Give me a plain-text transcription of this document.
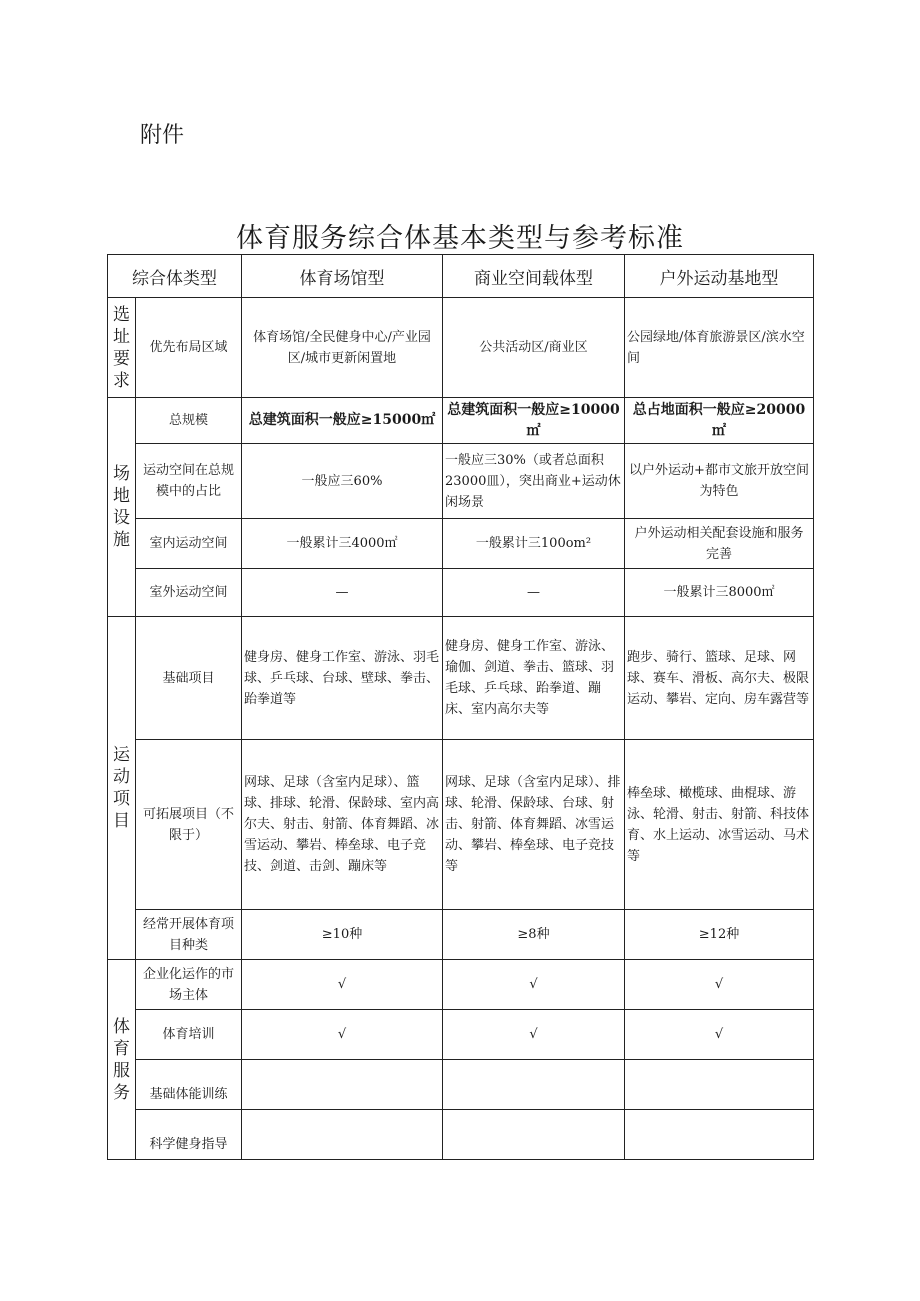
附件
体育服务综合体基本类型与参考标准
综合体类型		体育场馆型	商业空间载体型	户外运动基地型

选址要求	优先布局区域	体育场馆/全民健身中心/产业园区/城市更新闲置地	公共活动区/商业区	公园绿地/体育旅游景区/滨水空间

场地设施	总规模	总建筑面积一般应≥15000㎡	总建筑面积一般应≥10000㎡	总占地面积一般应≥20000㎡
	运动空间在总规模中的占比	一般应三60%	一般应三30%（或者总面积23000皿），突出商业+运动休闲场景	以户外运动+都市文旅开放空间为特色
	室内运动空间	一般累计三4000㎡	一般累计三100om²	户外运动相关配套设施和服务完善
	室外运动空间	—	—	一般累计三8000㎡

运动项目	基础项目	健身房、健身工作室、游泳、羽毛球、乒乓球、台球、壁球、拳击、跆拳道等	健身房、健身工作室、游泳、瑜伽、剑道、拳击、篮球、羽毛球、乒乓球、跆拳道、蹦床、室内高尔夫等	跑步、骑行、篮球、足球、网球、赛车、滑板、高尔夫、极限运动、攀岩、定向、房车露营等
	可拓展项目（不限于）	网球、足球（含室内足球）、篮球、排球、轮滑、保龄球、室内高尔夫、射击、射箭、体育舞蹈、冰雪运动、攀岩、棒垒球、电子竞技、剑道、击剑、蹦床等	网球、足球（含室内足球）、排球、轮滑、保龄球、台球、射击、射箭、体育舞蹈、冰雪运动、攀岩、棒垒球、电子竞技等	棒垒球、橄榄球、曲棍球、游泳、轮滑、射击、射箭、科技体育、水上运动、冰雪运动、马术等
	经常开展体育项目种类	≥10种	≥8种	≥12种

体育服务	企业化运作的市场主体	√	√	√
	体育培训	√	√	√
	基础体能训练			
	科学健身指导			
